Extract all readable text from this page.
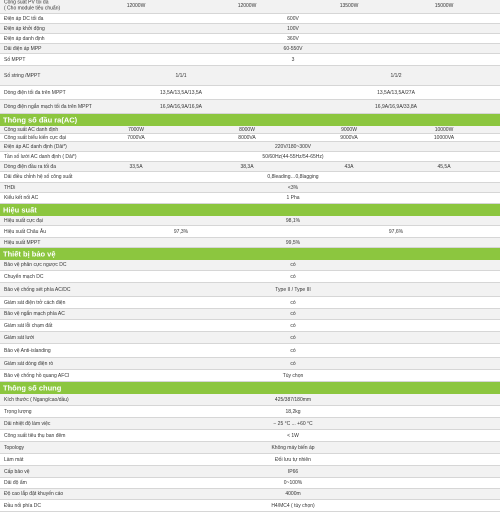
Công suất PV tối đa
( Cho module tiêu chuẩn)	12000W	12000W	13500W	15000W
Điện áp DC tối đa	600V
Điện áp khởi động	100V
Điện áp danh định	360V
Dải điện áp MPP	60-550V
Số MPPT	3
Số string /MPPT	1/1/1	1/1/2
Dòng điện tối đa trên MPPT	13,5A/13,5A/13,5A	13,5A/13,5A/27A
Dòng điện ngắn mạch tối đa trên MPPT	16,9A/16,9A/16,9A	16,9A/16,9A/33,8A
Thông số đầu ra(AC)
Công suất AC danh định	7000W	8000W	9000W	10000W
Công suất biểu kiến cực đại	7000VA	8000VA	9000VA	10000VA
Điện áp AC danh định (Dải*)	220V/180~300V
Tần số lưới AC danh định ( Dải*)	50/60Hz(44-55Hz/54-65Hz)
Dòng điện đầu ra tối đa	33,5A	38,3A	43A	45,5A
Dải điều chỉnh hệ số công suất	0,8leading…0,8lagging
THDi	<3%
Kiểu kết nối AC	1 Pha
Hiệu suất
Hiệu suất cực đại	98,1%
Hiệu suất Châu Âu	97,3%	97,6%
Hiệu suất MPPT	99,5%
Thiết bị bảo vệ
Bảo vệ phân cực ngược DC	có
Chuyển mạch DC	có
Bảo vệ chống sét phía AC/DC	Type II / Type III
Giám sát điện trở cách điện	có
Bảo vệ ngắn mạch phía AC	có
Giám sát lỗi chạm đất	có
Giám sát lưới	có
Bảo vệ Anti-islanding	có
Giám sát dòng điện rò	có
Bảo vệ chống hồ quang AFCI	Tùy chọn
Thông số chung
Kích thước ( Ngang/cao/dầu)	425/387/180mm
Trọng lượng	18,2kg
Dải nhiệt độ làm việc	− 25 °C ... +60 °C
Công suất tiêu thụ ban đêm	< 1W
Topology	Không máy biến áp
Làm mát	Đối lưu tự nhiên
Cấp bảo vệ	IP66
Dải độ ẩm	0~100%
Độ cao lắp đặt khuyến cáo	4000m
Đầu nối phía DC	H4/MC4 ( tùy chọn)
